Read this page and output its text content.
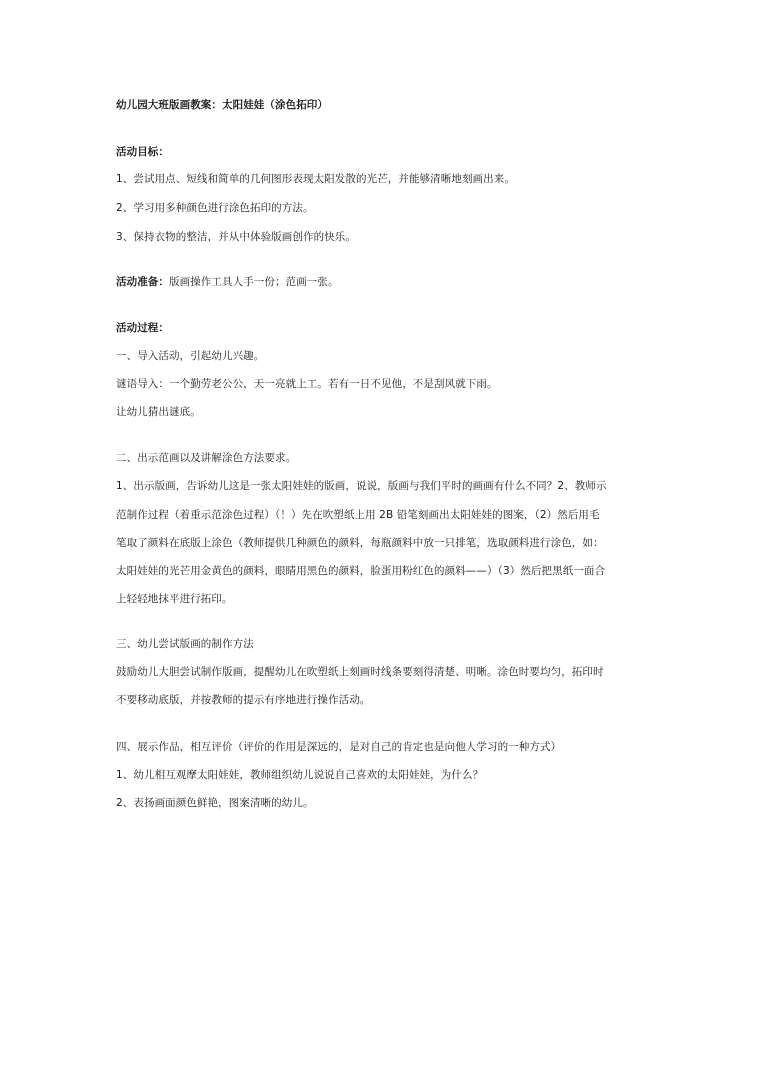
幼儿园大班版画教案：太阳娃娃（涂色拓印）
活动目标：
1、尝试用点、短线和简单的几何图形表现太阳发散的光芒，并能够清晰地刻画出来。
2、学习用多种颜色进行涂色拓印的方法。
3、保持衣物的整洁，并从中体验版画创作的快乐。
活动准备：版画操作工具人手一份；范画一张。
活动过程：
一、导入活动，引起幼儿兴趣。
谜语导入：一个勤劳老公公，天一亮就上工。若有一日不见他，不是刮风就下雨。
让幼儿猜出谜底。
二、出示范画以及讲解涂色方法要求。
1、出示版画，告诉幼儿这是一张太阳娃娃的版画，说说，版画与我们平时的画画有什么不同？2、教师示
范制作过程（着重示范涂色过程）（！）先在吹塑纸上用 2B 铅笔刻画出太阳娃娃的图案，（2）然后用毛
笔取了颜料在底版上涂色（教师提供几种颜色的颜料，每瓶颜料中放一只排笔，选取颜料进行涂色，如：
太阳娃娃的光芒用金黄色的颜料，眼睛用黑色的颜料，脸蛋用粉红色的颜料——）（3）然后把黑纸一面合
上轻轻地抹平进行拓印。
三、幼儿尝试版画的制作方法
鼓励幼儿大胆尝试制作版画，提醒幼儿在吹塑纸上刻画时线条要刻得清楚、明晰。涂色时要均匀，拓印时
不要移动底版，并按教师的提示有序地进行操作活动。
四、展示作品，相互评价（评价的作用是深远的，是对自己的肯定也是向他人学习的一种方式）
1、幼儿相互观摩太阳娃娃，教师组织幼儿说说自己喜欢的太阳娃娃，为什么？
2、表扬画面颜色鲜艳，图案清晰的幼儿。
